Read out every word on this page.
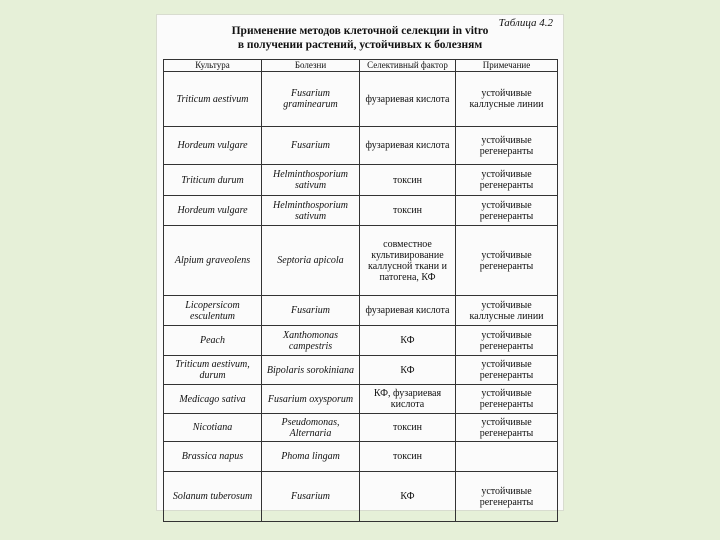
Таблица 4.2
Применение методов клеточной селекции in vitro
в получении растений, устойчивых к болезням
Культура	Болезни	Селективный фактор	Примечание
Triticum aestivum	Fusarium graminearum	фузариевая кислота	устойчивые каллусные линии
Hordeum vulgare	Fusarium	фузариевая кислота	устойчивые регенеранты
Triticum durum	Helminthosporium sativum	токсин	устойчивые регенеранты
Hordeum vulgare	Helminthosporium sativum	токсин	устойчивые регенеранты
Alpium graveolens	Septoria apicola	совместное культивирование каллусной ткани и патогена, КФ	устойчивые регенеранты
Licopersicom esculentum	Fusarium	фузариевая кислота	устойчивые каллусные линии
Peach	Xanthomonas campestris	КФ	устойчивые регенеранты
Triticum aestivum, durum	Bipolaris sorokiniana	КФ	устойчивые регенеранты
Medicago sativa	Fusarium oxysporum	КФ, фузариевая кислота	устойчивые регенеранты
Nicotiana	Pseudomonas, Alternaria	токсин	устойчивые регенеранты
Brassica napus	Phoma lingam	токсин	
Solanum tuberosum	Fusarium	КФ	устойчивые регенеранты
